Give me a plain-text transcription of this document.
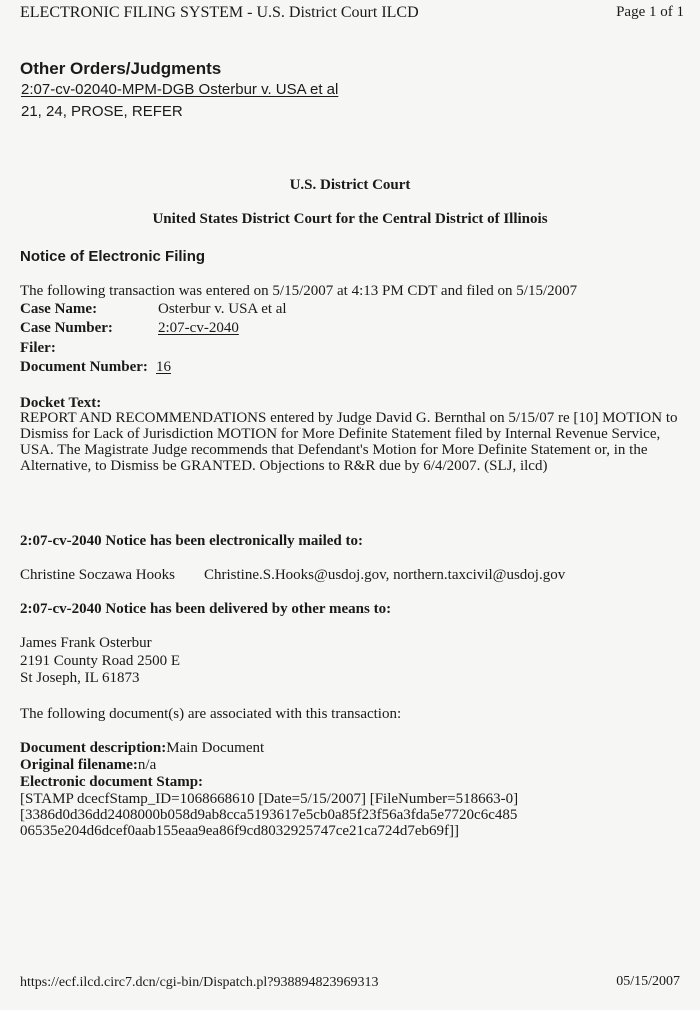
ELECTRONIC FILING SYSTEM - U.S. District Court ILCD	Page 1 of 1
Other Orders/Judgments
2:07-cv-02040-MPM-DGB Osterbur v. USA et al
21, 24, PROSE, REFER
U.S. District Court
United States District Court for the Central District of Illinois
Notice of Electronic Filing
The following transaction was entered on 5/15/2007 at 4:13 PM CDT and filed on 5/15/2007
Case Name:	Osterbur v. USA et al
Case Number:	2:07-cv-2040
Filer:
Document Number: 16
Docket Text:
REPORT AND RECOMMENDATIONS entered by Judge David G. Bernthal on 5/15/07 re [10] MOTION to Dismiss for Lack of Jurisdiction MOTION for More Definite Statement filed by Internal Revenue Service, USA. The Magistrate Judge recommends that Defendant's Motion for More Definite Statement or, in the Alternative, to Dismiss be GRANTED. Objections to R&R due by 6/4/2007. (SLJ, ilcd)
2:07-cv-2040 Notice has been electronically mailed to:
Christine Soczawa Hooks Christine.S.Hooks@usdoj.gov, northern.taxcivil@usdoj.gov
2:07-cv-2040 Notice has been delivered by other means to:
James Frank Osterbur
2191 County Road 2500 E
St Joseph, IL 61873
The following document(s) are associated with this transaction:
Document description:Main Document
Original filename:n/a
Electronic document Stamp:
[STAMP dcecfStamp_ID=1068668610 [Date=5/15/2007] [FileNumber=518663-0]
[3386d0d36dd2408000b058d9ab8cca5193617e5cb0a85f23f56a3fda5e7720c6c485
06535e204d6dcef0aab155eaa9ea86f9cd8032925747ce21ca724d7eb69f]]
https://ecf.ilcd.circ7.dcn/cgi-bin/Dispatch.pl?938894823969313	05/15/2007
